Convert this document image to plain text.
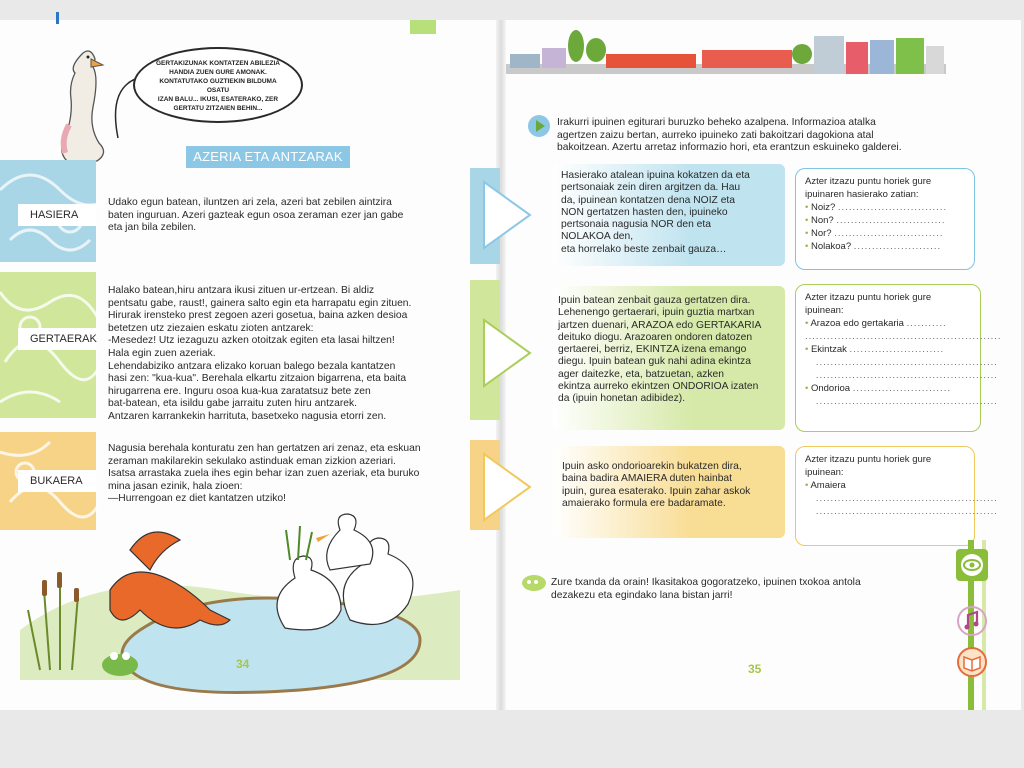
GERTAKIZUNAK KONTATZEN ABILEZIA
HANDIA ZUEN GURE AMONAK.
KONTATUTAKO GUZTIEKIN BILDUMA OSATU
IZAN BALU... IKUSI, ESATERAKO, ZER
GERTATU ZITZAIEN BEHIN...
AZERIA ETA ANTZARAK
HASIERA
GERTAERAK
BUKAERA
Udako egun batean, iluntzen ari zela, azeri bat zebilen aintzira
baten inguruan. Azeri gazteak egun osoa zeraman ezer jan gabe
eta jan bila zebilen.
Halako batean,hiru antzara ikusi zituen ur-ertzean. Bi aldiz
pentsatu gabe, raust!, gainera salto egin eta harrapatu egin zituen.
Hirurak irensteko prest zegoen azeri gosetua, baina azken desioa
betetzen utz ziezaien eskatu zioten antzarek:
-Mesedez! Utz iezaguzu azken otoitzak egiten eta lasai hiltzen!
Hala egin zuen azeriak.
Lehendabiziko antzara elizako koruan balego bezala kantatzen
hasi zen: "kua-kua". Berehala elkartu zitzaion bigarrena, eta baita
hirugarrena ere. Inguru osoa kua-kua zaratatsuz bete zen
bat-batean, eta isildu gabe jarraitu zuten hiru antzarek.
Antzaren karrankekin harrituta, basetxeko nagusia etorri zen.
Nagusia berehala konturatu zen han gertatzen ari zenaz, eta eskuan
zeraman makilarekin sekulako astinduak eman zizkion azeriari.
Isatsa arrastaka zuela ihes egin behar izan zuen azeriak, eta buruko
mina jasan ezinik, hala zioen:
—Hurrengoan ez diet kantatzen utziko!
34
Irakurri ipuinen egiturari buruzko beheko azalpena. Informazioa atalka
agertzen zaizu bertan, aurreko ipuineko zati bakoitzari dagokiona atal
bakoitzean. Azertu arretaz informazio hori, eta erantzun eskuineko galderei.
Hasierako atalean ipuina kokatzen da eta
pertsonaiak zein diren argitzen da. Hau
da, ipuinean kontatzen dena NOIZ eta
NON gertatzen hasten den, ipuineko
pertsonaia nagusia NOR den eta
NOLAKOA den,
eta horrelako beste zenbait gauza…
Ipuin batean zenbait gauza gertatzen dira.
Lehenengo gertaerari, ipuin guztia martxan
jartzen duenari, ARAZOA edo GERTAKARIA
deituko diogu. Arazoaren ondoren datozen
gertaerei, berriz, EKINTZA izena emango
diegu. Ipuin batean guk nahi adina ekintza
ager daitezke, eta, batzuetan, azken
ekintza aurreko ekintzen ONDORIOA izaten
da (ipuin honetan adibidez).
Ipuin asko ondorioarekin bukatzen dira,
baina badira AMAIERA duten hainbat
ipuin, gurea esaterako. Ipuin zahar askok
amaierako formula ere badaramate.
Azter itzazu puntu horiek gure
ipuinaren hasierako zatian:
• Noiz? ..............................
• Non? ..............................
• Nor? ..............................
• Nolakoa? ........................
Azter itzazu puntu horiek gure
ipuinean:
• Arazoa edo gertakaria ...........
......................................................
• Ekintzak ..........................
..................................................
..................................................
• Ondorioa ...........................
..................................................
Azter itzazu puntu horiek gure
ipuinean:
• Amaiera
..................................................
..................................................
Zure txanda da orain! Ikasitakoa gogoratzeko, ipuinen txokoa antola
dezakezu eta egindako lana bistan jarri!
35
